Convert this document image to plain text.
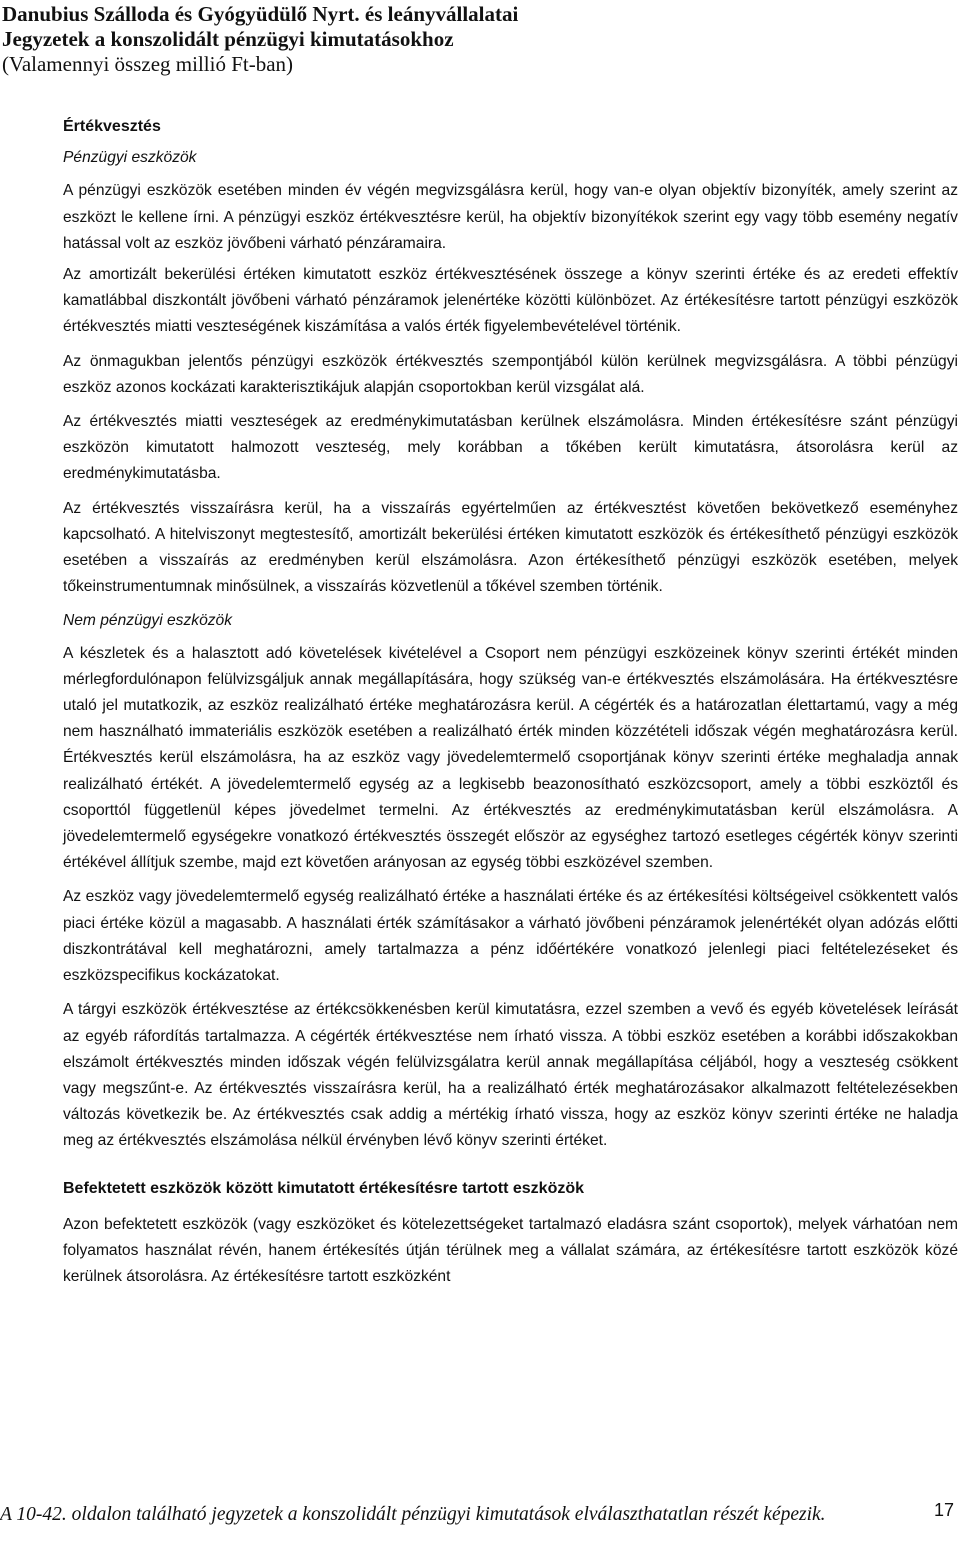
Danubius Szálloda és Gyógyüdülő Nyrt. és leányvállalatai
Jegyzetek a konszolidált pénzügyi kimutatásokhoz
(Valamennyi összeg millió Ft-ban)

Értékvesztés

Pénzügyi eszközök

A pénzügyi eszközök esetében minden év végén megvizsgálásra kerül, hogy van-e olyan objektív bizonyíték, amely szerint az eszközt le kellene írni. A pénzügyi eszköz értékvesztésre kerül, ha objektív bizonyítékok szerint egy vagy több esemény negatív hatással volt az eszköz jövőbeni várható pénzáramaira.

Az amortizált bekerülési értéken kimutatott eszköz értékvesztésének összege a könyv szerinti értéke és az eredeti effektív kamatlábbal diszkontált jövőbeni várható pénzáramok jelenértéke közötti különbözet. Az értékesítésre tartott pénzügyi eszközök értékvesztés miatti veszteségének kiszámítása a valós érték figyelembevételével történik.

Az önmagukban jelentős pénzügyi eszközök értékvesztés szempontjából külön kerülnek megvizsgálásra. A többi pénzügyi eszköz azonos kockázati karakterisztikájuk alapján csoportokban kerül vizsgálat alá.

Az értékvesztés miatti veszteségek az eredménykimutatásban kerülnek elszámolásra. Minden értékesítésre szánt pénzügyi eszközön kimutatott halmozott veszteség, mely korábban a tőkében került kimutatásra, átsorolásra kerül az eredménykimutatásba.

Az értékvesztés visszaírásra kerül, ha a visszaírás egyértelműen az értékvesztést követően bekövetkező eseményhez kapcsolható. A hitelviszonyt megtestesítő, amortizált bekerülési értéken kimutatott eszközök és értékesíthető pénzügyi eszközök esetében a visszaírás az eredményben kerül elszámolásra. Azon értékesíthető pénzügyi eszközök esetében, melyek tőkeinstrumentumnak minősülnek, a visszaírás közvetlenül a tőkével szemben történik.

Nem pénzügyi eszközök

A készletek és a halasztott adó követelések kivételével a Csoport nem pénzügyi eszközeinek könyv szerinti értékét minden mérlegfordulónapon felülvizsgáljuk annak megállapítására, hogy szükség van-e értékvesztés elszámolására. Ha értékvesztésre utaló jel mutatkozik, az eszköz realizálható értéke meghatározásra kerül. A cégérték és a határozatlan élettartamú, vagy a még nem használható immateriális eszközök esetében a realizálható érték minden közzétételi időszak végén meghatározásra kerül. Értékvesztés kerül elszámolásra, ha az eszköz vagy jövedelemtermelő csoportjának könyv szerinti értéke meghaladja annak realizálható értékét. A jövedelemtermelő egység az a legkisebb beazonosítható eszközcsoport, amely a többi eszköztől és csoporttól függetlenül képes jövedelmet termelni. Az értékvesztés az eredménykimutatásban kerül elszámolásra. A jövedelemtermelő egységekre vonatkozó értékvesztés összegét először az egységhez tartozó esetleges cégérték könyv szerinti értékével állítjuk szembe, majd ezt követően arányosan az egység többi eszközével szemben.

Az eszköz vagy jövedelemtermelő egység realizálható értéke a használati értéke és az értékesítési költségeivel csökkentett valós piaci értéke közül a magasabb. A használati érték számításakor a várható jövőbeni pénzáramok jelenértékét olyan adózás előtti diszkontrátával kell meghatározni, amely tartalmazza a pénz időértékére vonatkozó jelenlegi piaci feltételezéseket és eszközspecifikus kockázatokat.

A tárgyi eszközök értékvesztése az értékcsökkenésben kerül kimutatásra, ezzel szemben a vevő és egyéb követelések leírását az egyéb ráfordítás tartalmazza. A cégérték értékvesztése nem írható vissza. A többi eszköz esetében a korábbi időszakokban elszámolt értékvesztés minden időszak végén felülvizsgálatra kerül annak megállapítása céljából, hogy a veszteség csökkent vagy megszűnt-e. Az értékvesztés visszaírásra kerül, ha a realizálható érték meghatározásakor alkalmazott feltételezésekben változás következik be. Az értékvesztés csak addig a mértékig írható vissza, hogy az eszköz könyv szerinti értéke ne haladja meg az értékvesztés elszámolása nélkül érvényben lévő könyv szerinti értéket.

Befektetett eszközök között kimutatott értékesítésre tartott eszközök

Azon befektetett eszközök (vagy eszközöket és kötelezettségeket tartalmazó eladásra szánt csoportok), melyek várhatóan nem folyamatos használat révén, hanem értékesítés útján térülnek meg a vállalat számára, az értékesítésre tartott eszközök közé kerülnek átsorolásra. Az értékesítésre tartott eszközként

A 10-42. oldalon található jegyzetek a konszolidált pénzügyi kimutatások elválaszthatatlan részét képezik.	17
